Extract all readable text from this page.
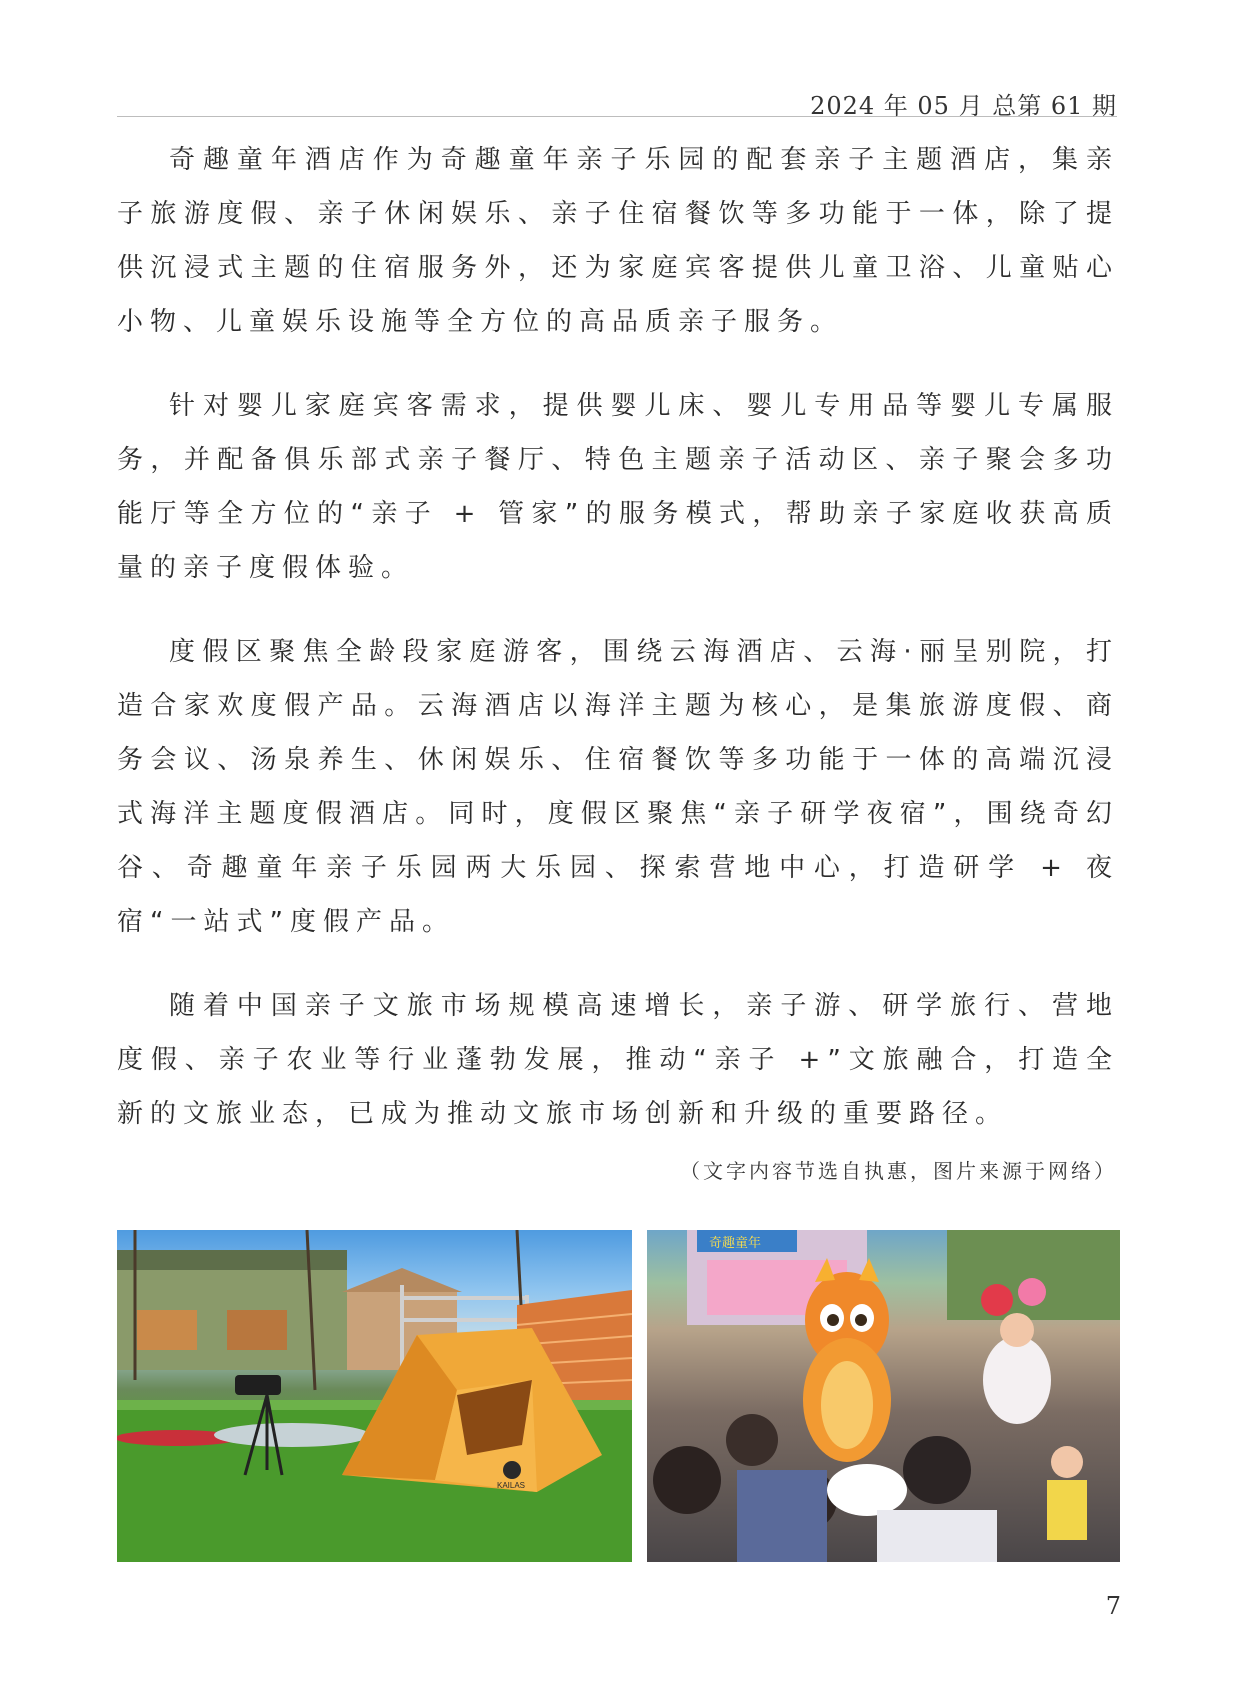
2024 年 05 月 总第 61 期

奇趣童年酒店作为奇趣童年亲子乐园的配套亲子主题酒店，集亲子旅游度假、亲子休闲娱乐、亲子住宿餐饮等多功能于一体，除了提供沉浸式主题的住宿服务外，还为家庭宾客提供儿童卫浴、儿童贴心小物、儿童娱乐设施等全方位的高品质亲子服务。

针对婴儿家庭宾客需求，提供婴儿床、婴儿专用品等婴儿专属服务，并配备俱乐部式亲子餐厅、特色主题亲子活动区、亲子聚会多功能厅等全方位的“亲子 + 管家”的服务模式，帮助亲子家庭收获高质量的亲子度假体验。

度假区聚焦全龄段家庭游客，围绕云海酒店、云海·丽呈别院，打造合家欢度假产品。云海酒店以海洋主题为核心，是集旅游度假、商务会议、汤泉养生、休闲娱乐、住宿餐饮等多功能于一体的高端沉浸式海洋主题度假酒店。同时，度假区聚焦“亲子研学夜宿”，围绕奇幻谷、奇趣童年亲子乐园两大乐园、探索营地中心，打造研学 + 夜宿“一站式”度假产品。

随着中国亲子文旅市场规模高速增长，亲子游、研学旅行、营地度假、亲子农业等行业蓬勃发展，推动“亲子 +”文旅融合，打造全新的文旅业态，已成为推动文旅市场创新和升级的重要路径。

（文字内容节选自执惠，图片来源于网络）
KAILAS
奇趣童年
7
